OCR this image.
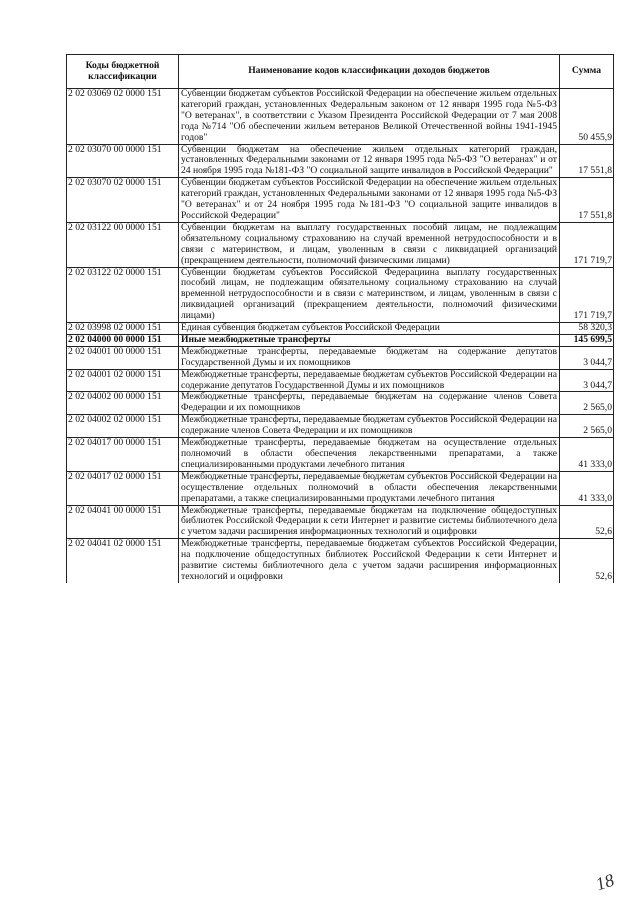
Коды бюджетной классификации	Наименование кодов классификации доходов бюджетов	Сумма
2 02 03069 02 0000 151	Субвенции бюджетам субъектов Российской Федерации на обеспечение жильем отдельных категорий граждан, установленных Федеральным законом от 12 января 1995 года №5-ФЗ "О ветеранах", в соответствии с Указом Президента Российской Федерации от 7 мая 2008 года №714 "Об обеспечении жильем ветеранов Великой Отечественной войны 1941-1945 годов"	50 455,9
2 02 03070 00 0000 151	Субвенции бюджетам на обеспечение жильем отдельных категорий граждан, установленных Федеральными законами от 12 января 1995 года №5-ФЗ "О ветеранах" и от 24 ноября 1995 года №181-ФЗ "О социальной защите инвалидов в Российской Федерации"	17 551,8
2 02 03070 02 0000 151	Субвенции бюджетам субъектов Российской Федерации на обеспечение жильем отдельных категорий граждан, установленных Федеральными законами от 12 января 1995 года №5-ФЗ "О ветеранах" и от 24 ноября 1995 года №181-ФЗ "О социальной защите инвалидов в Российской Федерации"	17 551,8
2 02 03122 00 0000 151	Субвенции бюджетам на выплату государственных пособий лицам, не подлежащим обязательному социальному страхованию на случай временной нетрудоспособности и в связи с материнством, и лицам, уволенным в связи с ликвидацией организаций (прекращением деятельности, полномочий физическими лицами)	171 719,7
2 02 03122 02 0000 151	Субвенции бюджетам субъектов Российской Федерациина выплату государственных пособий лицам, не подлежащим обязательному социальному страхованию на случай временной нетрудоспособности и в связи с материнством, и лицам, уволенным в связи с ликвидацией организаций (прекращением деятельности, полномочий физическими лицами)	171 719,7
2 02 03998 02 0000 151	Единая субвенция бюджетам субъектов Российской Федерации	58 320,3
2 02 04000 00 0000 151	Иные межбюджетные трансферты	145 699,5
2 02 04001 00 0000 151	Межбюджетные трансферты, передаваемые бюджетам на содержание депутатов Государственной Думы и их помощников	3 044,7
2 02 04001 02 0000 151	Межбюджетные трансферты, передаваемые бюджетам субъектов Российской Федерации на содержание депутатов Государственной Думы и их помощников	3 044,7
2 02 04002 00 0000 151	Межбюджетные трансферты, передаваемые бюджетам на содержание членов Совета Федерации и их помощников	2 565,0
2 02 04002 02 0000 151	Межбюджетные трансферты, передаваемые бюджетам субъектов Российской Федерации на содержание членов Совета Федерации и их помощников	2 565,0
2 02 04017 00 0000 151	Межбюджетные трансферты, передаваемые бюджетам на осуществление отдельных полномочий в области обеспечения лекарственными препаратами, а также специализированными продуктами лечебного питания	41 333,0
2 02 04017 02 0000 151	Межбюджетные трансферты, передаваемые бюджетам субъектов Российской Федерации на осуществление отдельных полномочий в области обеспечения лекарственными препаратами, а также специализированными продуктами лечебного питания	41 333,0
2 02 04041 00 0000 151	Межбюджетные трансферты, передаваемые бюджетам на подключение общедоступных библиотек Российской Федерации к сети Интернет и развитие системы библиотечного дела с учетом задачи расширения информационных технологий и оцифровки	52,6
2 02 04041 02 0000 151	Межбюджетные трансферты, передаваемые бюджетам субъектов Российской Федерации, на подключение общедоступных библиотек Российской Федерации к сети Интернет и развитие системы библиотечного дела с учетом задачи расширения информационных технологий и оцифровки	52,6
18
